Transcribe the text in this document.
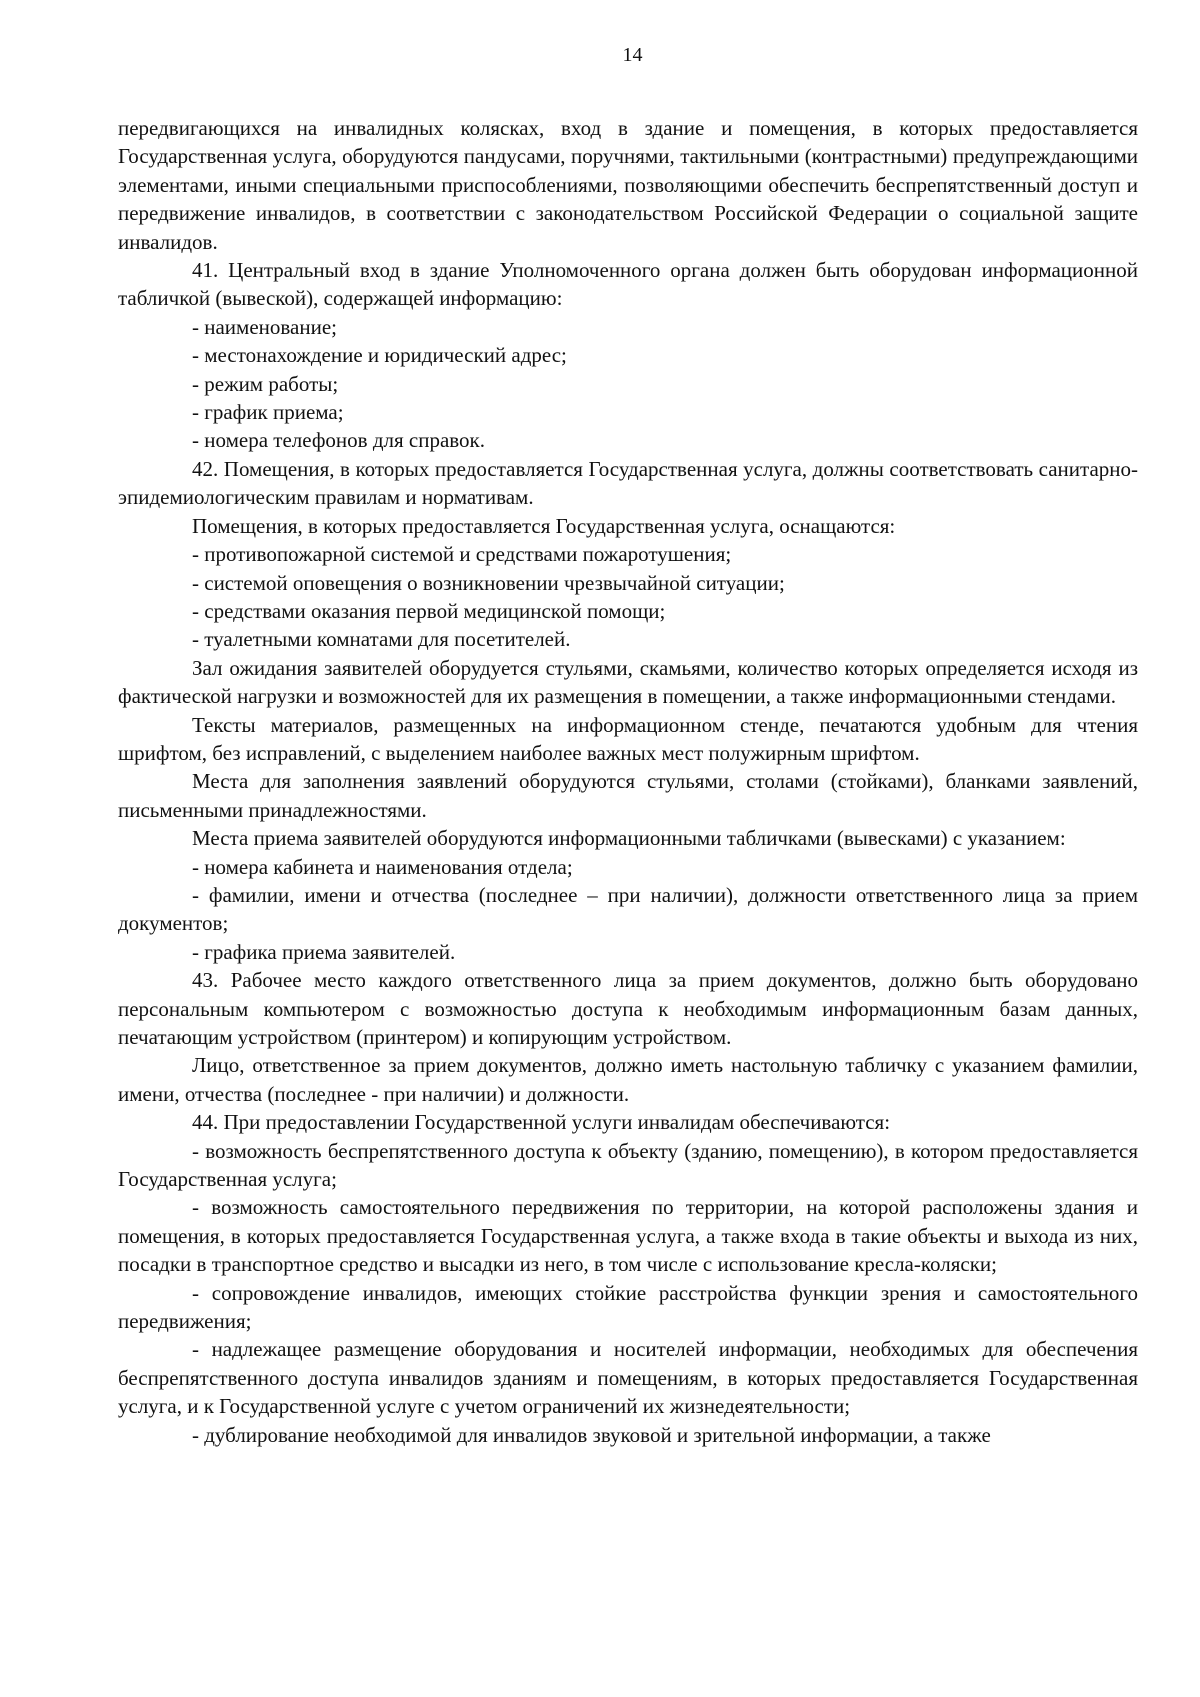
14

передвигающихся на инвалидных колясках, вход в здание и помещения, в которых предоставляется Государственная услуга, оборудуются пандусами, поручнями, тактильными (контрастными) предупреждающими элементами, иными специальными приспособлениями, позволяющими обеспечить беспрепятственный доступ и передвижение инвалидов, в соответствии с законодательством Российской Федерации о социальной защите инвалидов.

41. Центральный вход в здание Уполномоченного органа должен быть оборудован информационной табличкой (вывеской), содержащей информацию:

- наименование;

- местонахождение и юридический адрес;

- режим работы;

- график приема;

- номера телефонов для справок.

42. Помещения, в которых предоставляется Государственная услуга, должны соответствовать санитарно-эпидемиологическим правилам и нормативам.

Помещения, в которых предоставляется Государственная услуга, оснащаются:

- противопожарной системой и средствами пожаротушения;

- системой оповещения о возникновении чрезвычайной ситуации;

- средствами оказания первой медицинской помощи;

- туалетными комнатами для посетителей.

Зал ожидания заявителей оборудуется стульями, скамьями, количество которых определяется исходя из фактической нагрузки и возможностей для их размещения в помещении, а также информационными стендами.

Тексты материалов, размещенных на информационном стенде, печатаются удобным для чтения шрифтом, без исправлений, с выделением наиболее важных мест полужирным шрифтом.

Места для заполнения заявлений оборудуются стульями, столами (стойками), бланками заявлений, письменными принадлежностями.

Места приема заявителей оборудуются информационными табличками (вывесками) с указанием:

- номера кабинета и наименования отдела;

- фамилии, имени и отчества (последнее – при наличии), должности ответственного лица за прием документов;

- графика приема заявителей.

43. Рабочее место каждого ответственного лица за прием документов, должно быть оборудовано персональным компьютером с возможностью доступа к необходимым информационным базам данных, печатающим устройством (принтером) и копирующим устройством.

Лицо, ответственное за прием документов, должно иметь настольную табличку с указанием фамилии, имени, отчества (последнее - при наличии) и должности.

44. При предоставлении Государственной услуги инвалидам обеспечиваются:

- возможность беспрепятственного доступа к объекту (зданию, помещению), в котором предоставляется Государственная услуга;

- возможность самостоятельного передвижения по территории, на которой расположены здания и помещения, в которых предоставляется Государственная услуга, а также входа в такие объекты и выхода из них, посадки в транспортное средство и высадки из него, в том числе с использование кресла-коляски;

- сопровождение инвалидов, имеющих стойкие расстройства функции зрения и самостоятельного передвижения;

- надлежащее размещение оборудования и носителей информации, необходимых для обеспечения беспрепятственного доступа инвалидов зданиям и помещениям, в которых предоставляется Государственная услуга, и к Государственной услуге с учетом ограничений их жизнедеятельности;

- дублирование необходимой для инвалидов звуковой и зрительной информации, а также
